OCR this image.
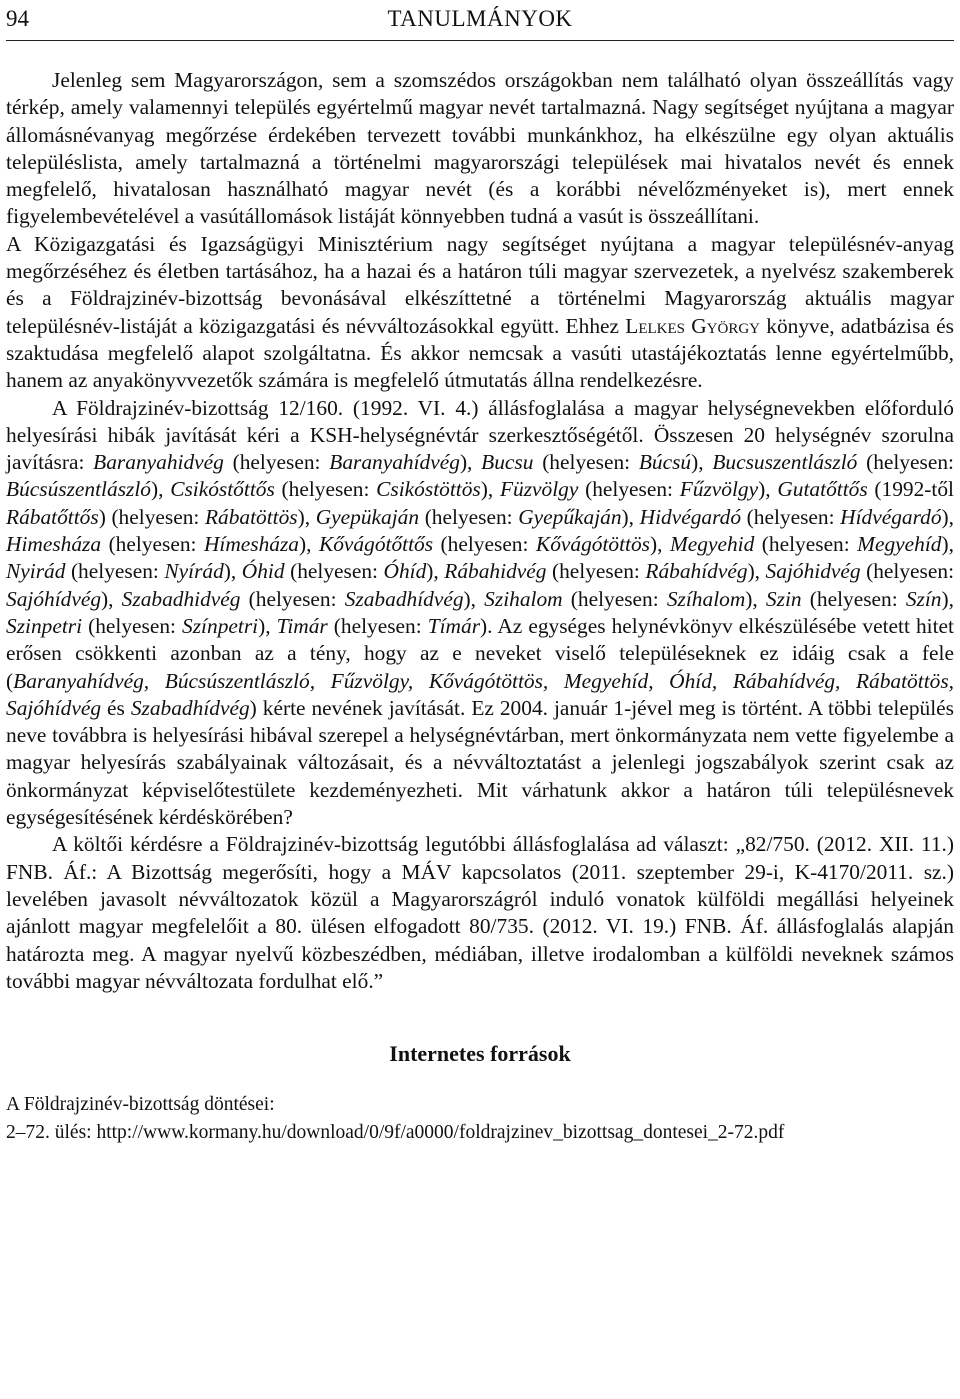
94	TANULMÁNYOK

Jelenleg sem Magyarországon, sem a szomszédos országokban nem található olyan összeállítás vagy térkép, amely valamennyi település egyértelmű magyar nevét tartalmazná. Nagy segítséget nyújtana a magyar állomásnévanyag megőrzése érdekében tervezett további munkánkhoz, ha elkészülne egy olyan aktuális településlista, amely tartalmazná a történelmi magyarországi települések mai hivatalos nevét és ennek megfelelő, hivatalosan használható magyar nevét (és a korábbi névelőzményeket is), mert ennek figyelembevételével a vasútállomások listáját könnyebben tudná a vasút is összeállítani.

A Közigazgatási és Igazságügyi Minisztérium nagy segítséget nyújtana a magyar településnév-anyag megőrzéséhez és életben tartásához, ha a hazai és a határon túli magyar szervezetek, a nyelvész szakemberek és a Földrajzinév-bizottság bevonásával elkészíttetné a történelmi Magyarország aktuális magyar településnév-listáját a közigazgatási és névváltozásokkal együtt. Ehhez Lelkes György könyve, adatbázisa és szaktudása megfelelő alapot szolgáltatna. És akkor nemcsak a vasúti utastájékoztatás lenne egyértelműbb, hanem az anyakönyvvezetők számára is megfelelő útmutatás állna rendelkezésre.

A Földrajzinév-bizottság 12/160. (1992. VI. 4.) állásfoglalása a magyar helységnevekben előforduló helyesírási hibák javítását kéri a KSH-helységnévtár szerkesztőségétől. Összesen 20 helységnév szorulna javításra: Baranyahidvég (helyesen: Baranyahídvég), Bucsu (helyesen: Búcsú), Bucsuszentlászló (helyesen: Búcsúszentlászló), Csikóstőttős (helyesen: Csikóstöttös), Füzvölgy (helyesen: Fűzvölgy), Gutatőttős (1992-től Rábatőttős) (helyesen: Rábatöttös), Gyepükaján (helyesen: Gyepűkaján), Hidvégardó (helyesen: Hídvégardó), Himesháza (helyesen: Hímesháza), Kővágótőttős (helyesen: Kővágótöttös), Megyehid (helyesen: Megyehíd), Nyirád (helyesen: Nyírád), Óhid (helyesen: Óhíd), Rábahidvég (helyesen: Rábahídvég), Sajóhidvég (helyesen: Sajóhídvég), Szabadhidvég (helyesen: Szabadhídvég), Szihalom (helyesen: Szíhalom), Szin (helyesen: Szín), Szinpetri (helyesen: Színpetri), Timár (helyesen: Tímár). Az egységes helynévkönyv elkészülésébe vetett hitet erősen csökkenti azonban az a tény, hogy az e neveket viselő településeknek ez idáig csak a fele (Baranyahídvég, Búcsúszentlászló, Fűzvölgy, Kővágótöttös, Megyehíd, Óhíd, Rábahídvég, Rábatöttös, Sajóhídvég és Szabadhídvég) kérte nevének javítását. Ez 2004. január 1-jével meg is történt. A többi település neve továbbra is helyesírási hibával szerepel a helységnévtárban, mert önkormányzata nem vette figyelembe a magyar helyesírás szabályainak változásait, és a névváltoztatást a jelenlegi jogszabályok szerint csak az önkormányzat képviselőtestülete kezdeményezheti. Mit várhatunk akkor a határon túli településnevek egységesítésének kérdéskörében?

A költői kérdésre a Földrajzinév-bizottság legutóbbi állásfoglalása ad választ: „82/750. (2012. XII. 11.) FNB. Áf.: A Bizottság megerősíti, hogy a MÁV kapcsolatos (2011. szeptember 29-i, K-4170/2011. sz.) levelében javasolt névváltozatok közül a Magyarországról induló vonatok külföldi megállási helyeinek ajánlott magyar megfelelőit a 80. ülésen elfogadott 80/735. (2012. VI. 19.) FNB. Áf. állásfoglalás alapján határozta meg. A magyar nyelvű közbeszédben, médiában, illetve irodalomban a külföldi neveknek számos további magyar névváltozata fordulhat elő.”

Internetes források

A Földrajzinév-bizottság döntései:

2–72. ülés: http://www.kormany.hu/download/0/9f/a0000/foldrajzinev_bizottsag_dontesei_2-72.pdf
